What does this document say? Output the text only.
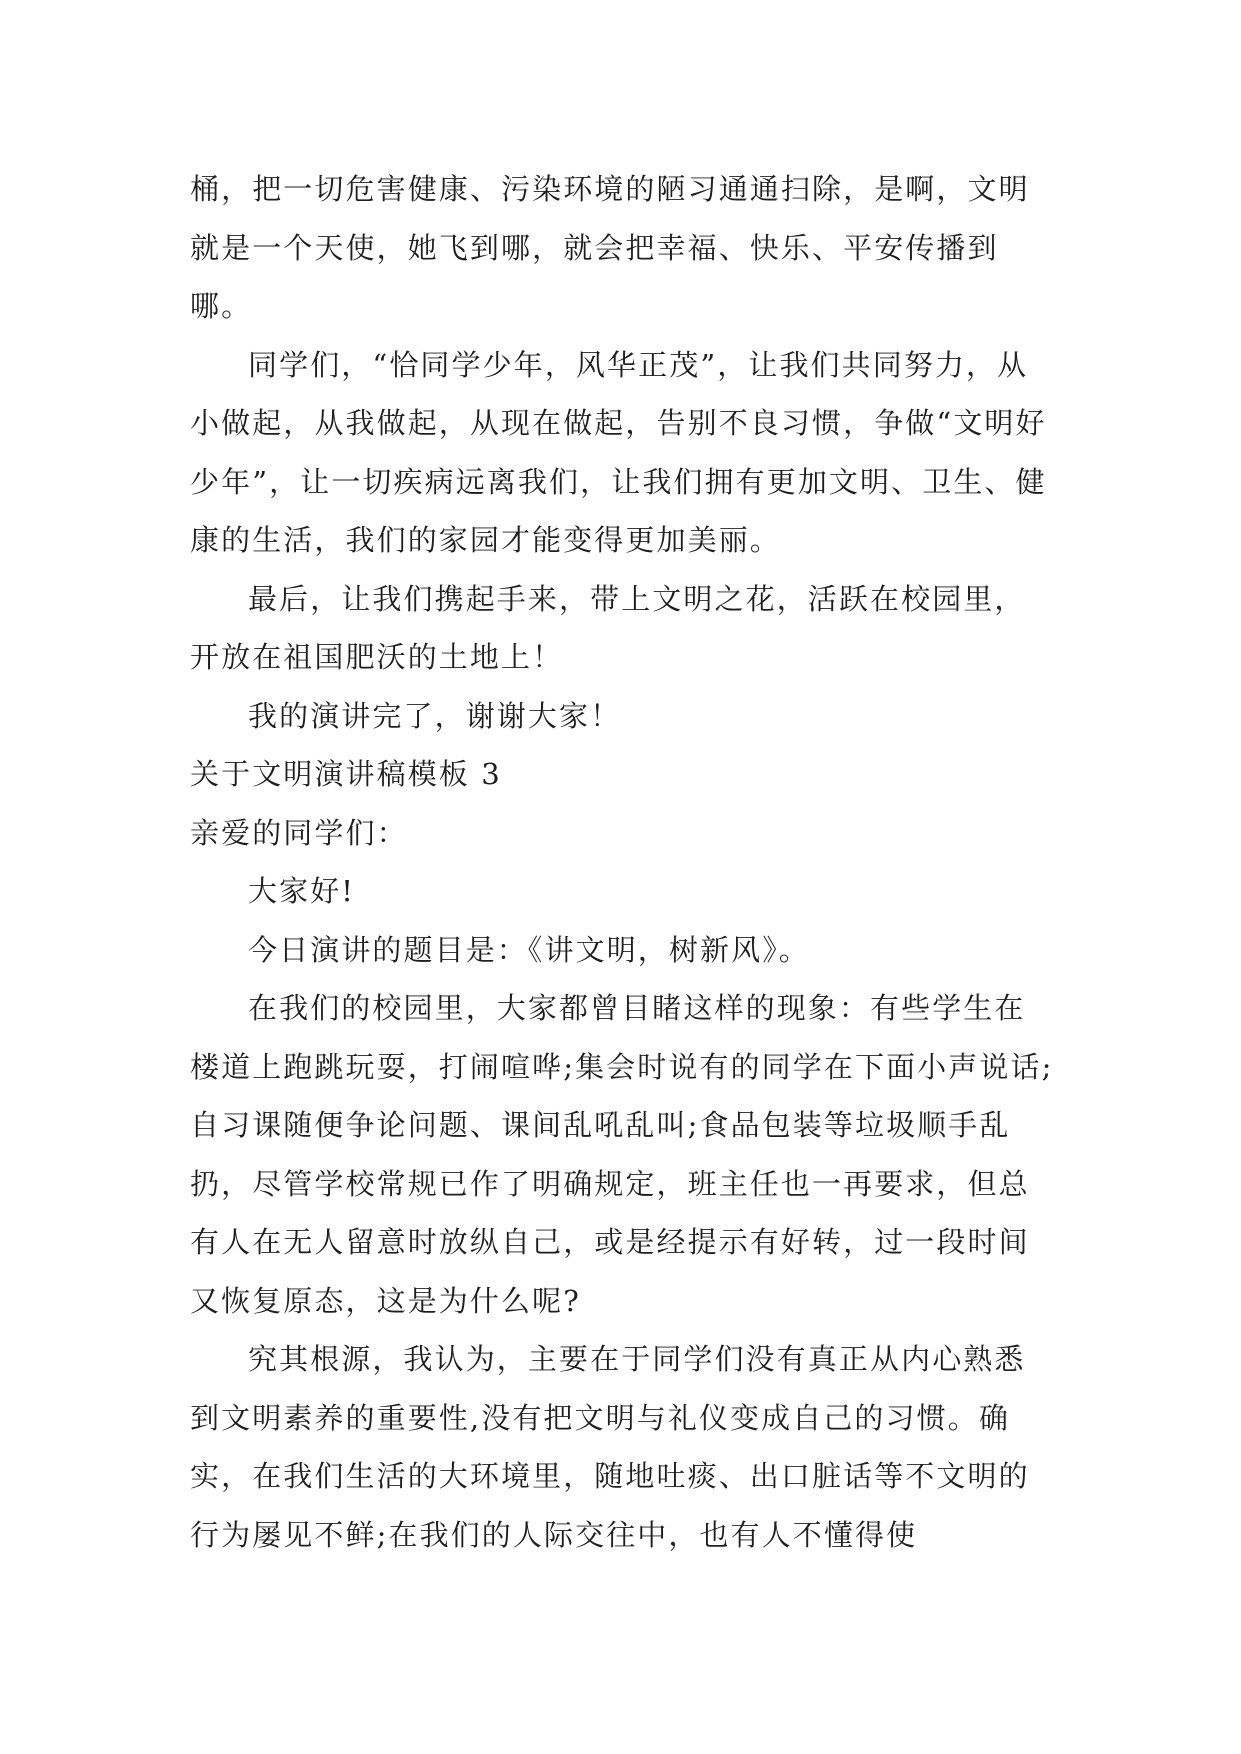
桶，把一切危害健康、污染环境的陋习通通扫除，是啊，文明就是一个天使，她飞到哪，就会把幸福、快乐、平安传播到哪。

同学们，“恰同学少年，风华正茂”，让我们共同努力，从小做起，从我做起，从现在做起，告别不良习惯，争做“文明好少年”，让一切疾病远离我们，让我们拥有更加文明、卫生、健康的生活，我们的家园才能变得更加美丽。

最后，让我们携起手来，带上文明之花，活跃在校园里，开放在祖国肥沃的土地上！

我的演讲完了，谢谢大家！

关于文明演讲稿模板 3

亲爱的同学们：

大家好!

今日演讲的题目是：《讲文明，树新风》。

在我们的校园里，大家都曾目睹这样的现象：有些学生在楼道上跑跳玩耍，打闹喧哗;集会时说有的同学在下面小声说话;自习课随便争论问题、课间乱吼乱叫;食品包装等垃圾顺手乱扔，尽管学校常规已作了明确规定，班主任也一再要求，但总有人在无人留意时放纵自己，或是经提示有好转，过一段时间又恢复原态，这是为什么呢?

究其根源，我认为，主要在于同学们没有真正从内心熟悉到文明素养的重要性,没有把文明与礼仪变成自己的习惯。确实，在我们生活的大环境里，随地吐痰、出口脏话等不文明的行为屡见不鲜;在我们的人际交往中，也有人不懂得使
